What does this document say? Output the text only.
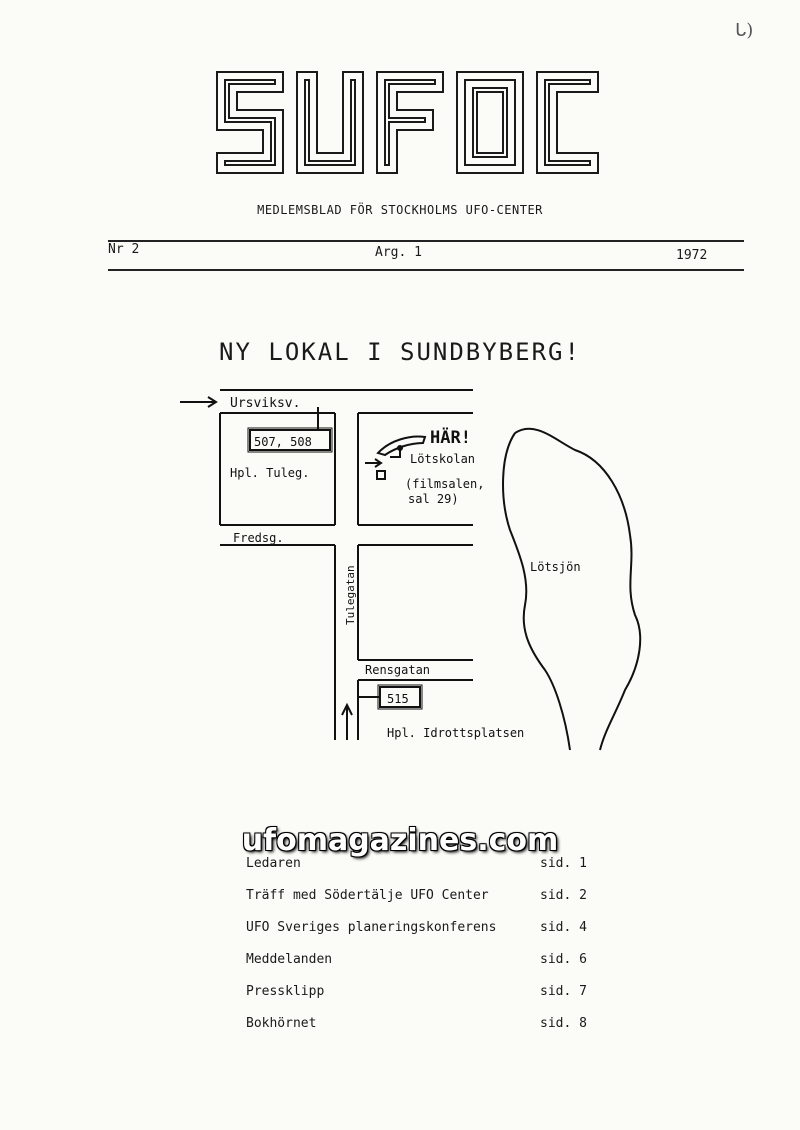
ᒐ)
MEDLEMSBLAD FÖR STOCKHOLMS UFO-CENTER
Nr 2	Arg. 1	1972
NY LOKAL I SUNDBYBERG!
Ursviksv.
507, 508
Hpl. Tuleg.
HÄR!
Lötskolan
(filmsalen,
sal 29)
Fredsg.
Tulegatan	Lötsjön
Rensgatan
515
Hpl. Idrottsplatsen
ufomagazines.com
Ledaren	sid. 1
Träff med Södertälje UFO Center	sid. 2
UFO Sveriges planeringskonferens	sid. 4
Meddelanden	sid. 6
Pressklipp	sid. 7
Bokhörnet	sid. 8
